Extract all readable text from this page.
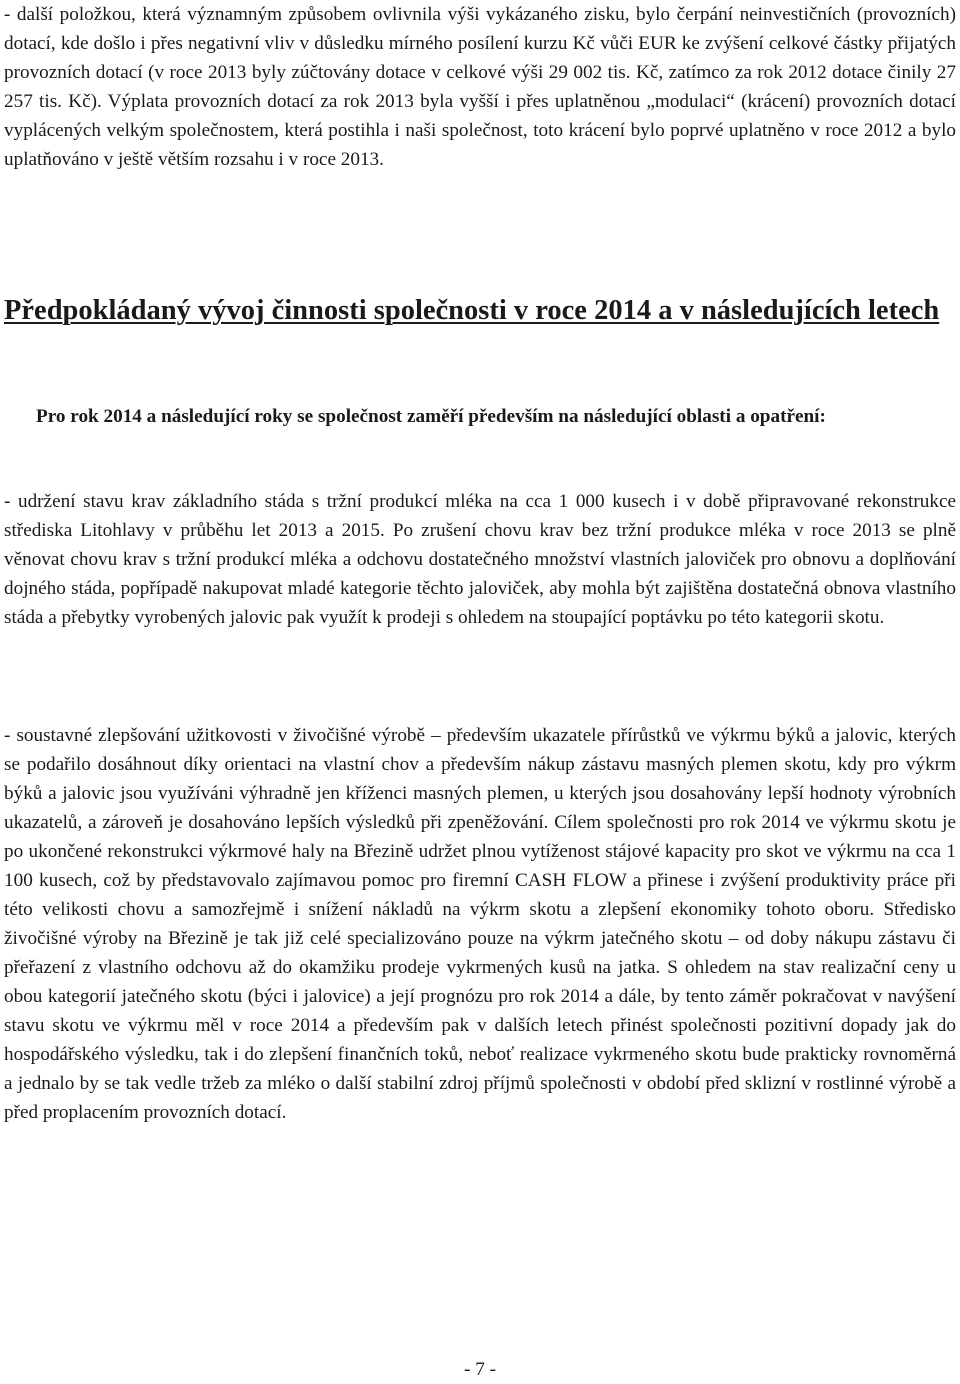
- další položkou, která významným způsobem ovlivnila výši vykázaného zisku, bylo čerpání neinvestičních (provozních) dotací, kde došlo i přes negativní vliv v důsledku mírného posílení kurzu Kč vůči EUR ke zvýšení celkové částky přijatých provozních dotací (v roce 2013 byly zúčtovány dotace v celkové výši 29 002 tis. Kč, zatímco za rok 2012 dotace činily 27 257 tis. Kč). Výplata provozních dotací za rok 2013 byla vyšší i přes uplatněnou „modulaci“ (krácení) provozních dotací vyplácených velkým společnostem, která postihla i naši společnost, toto krácení bylo poprvé uplatněno v roce 2012 a bylo uplatňováno v ještě větším rozsahu i v roce 2013.

Předpokládaný vývoj činnosti společnosti v roce 2014 a v následujících letech

Pro rok 2014 a následující roky se společnost zaměří především na následující oblasti a opatření:

- udržení stavu krav základního stáda s tržní produkcí mléka na cca 1 000 kusech i v době připravované rekonstrukce střediska Litohlavy v průběhu let 2013 a 2015. Po zrušení chovu krav bez tržní produkce mléka v roce 2013 se plně věnovat chovu krav s tržní produkcí mléka a odchovu dostatečného množství vlastních jaloviček pro obnovu a doplňování dojného stáda, popřípadě nakupovat mladé kategorie těchto jaloviček, aby mohla být zajištěna dostatečná obnova vlastního stáda a přebytky vyrobených jalovic pak využít k prodeji s ohledem na stoupající poptávku po této kategorii skotu.

- soustavné zlepšování užitkovosti v živočišné výrobě – především ukazatele přírůstků ve výkrmu býků a jalovic, kterých se podařilo dosáhnout díky orientaci na vlastní chov a především nákup zástavu masných plemen skotu, kdy pro výkrm býků a jalovic jsou využíváni výhradně jen kříženci masných plemen, u kterých jsou dosahovány lepší hodnoty výrobních ukazatelů, a zároveň je dosahováno lepších výsledků při zpeněžování. Cílem společnosti pro rok 2014 ve výkrmu skotu je po ukončené rekonstrukci výkrmové haly na Březině udržet plnou vytíženost stájové kapacity pro skot ve výkrmu na cca 1 100 kusech, což by představovalo zajímavou pomoc pro firemní CASH FLOW a přinese i zvýšení produktivity práce při této velikosti chovu a samozřejmě i snížení nákladů na výkrm skotu a zlepšení ekonomiky tohoto oboru. Středisko živočišné výroby na Březině je tak již celé specializováno pouze na výkrm jatečného skotu – od doby nákupu zástavu či přeřazení z vlastního odchovu až do okamžiku prodeje vykrmených kusů na jatka. S ohledem na stav realizační ceny u obou kategorií jatečného skotu (býci i jalovice) a její prognózu pro rok 2014 a dále, by tento záměr pokračovat v navýšení stavu skotu ve výkrmu měl v roce 2014 a především pak v dalších letech přinést společnosti pozitivní dopady jak do hospodářského výsledku, tak i do zlepšení finančních toků, neboť realizace vykrmeného skotu bude prakticky rovnoměrná a jednalo by se tak vedle tržeb za mléko o další stabilní zdroj příjmů společnosti v období před sklizní v rostlinné výrobě a před proplacením provozních dotací.

- 7 -
